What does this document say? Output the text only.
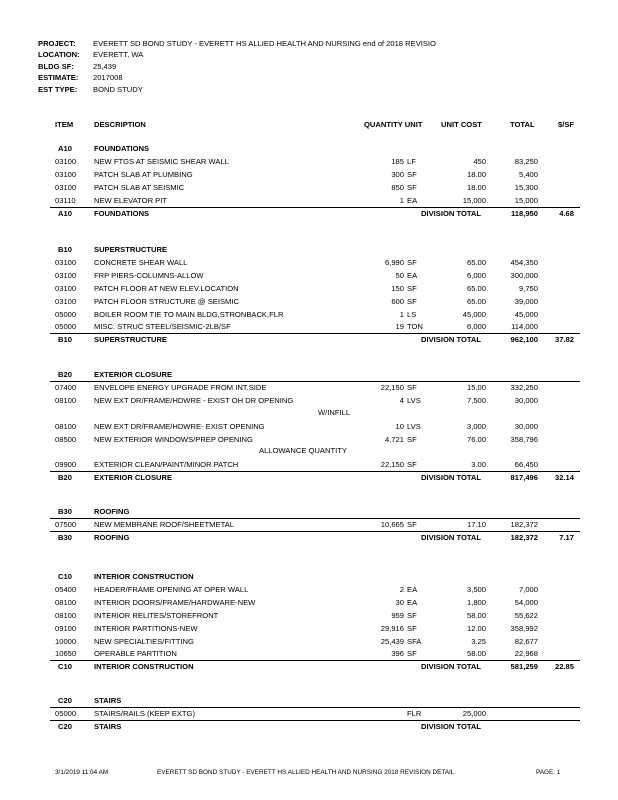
PROJECT: EVERETT SD BOND STUDY - EVERETT HS ALLIED HEALTH AND NURSING end of 2018 REVISIO
LOCATION: EVERETT, WA
BLDG SF:	25,439
ESTIMATE: 2017008
EST TYPE: BOND STUDY
ITEM	DESCRIPTION	QUANTITY UNIT UNIT COST	TOTAL	$/SF
A10	FOUNDATIONS
03100	NEW FTGS AT SEISMIC SHEAR WALL	185 LF	450	83,250
03100	PATCH SLAB AT PLUMBING	300 SF	18.00	5,400
03100	PATCH SLAB AT SEISMIC	850 SF	18.00	15,300
03110	NEW ELEVATOR PIT	1 EA	15,000	15,000
A10	FOUNDATIONS	DIVISION TOTAL	118,950	4.68
B10	SUPERSTRUCTURE
03100	CONCRETE SHEAR WALL	6,990 SF	65.00	454,350
03100	FRP PIERS-COLUMNS-ALLOW	50 EA	6,000	300,000
03100	PATCH FLOOR AT NEW ELEV.LOCATION	150 SF	65.00	9,750
03100	PATCH FLOOR STRUCTURE @ SEISMIC	600 SF	65.00	39,000
05000	BOILER ROOM TIE TO MAIN BLDG,STRONBACK,FLR	1 LS	45,000	45,000
05000	MISC. STRUC STEEL/SEISMIC-2LB/SF	19 TON	6,000	114,000
B10	SUPERSTRUCTURE	DIVISION TOTAL	962,100	37.82
B20	EXTERIOR CLOSURE
07400	ENVELOPE ENERGY UPGRADE FROM INT.SIDE	22,150 SF	15.00	332,250
08100	NEW EXT DR/FRAME/HDWRE - EXIST OH DR OPENING	4 LVS	7,500	30,000
W/INFILL
08100	NEW EXT DR/FRAME/HDWRE- EXIST OPENING	10 LVS	3,000	30,000
08500	NEW EXTERIOR WINDOWS/PREP OPENING	4,721 SF	76.00	358,796
ALLOWANCE QUANTITY
09900	EXTERIOR CLEAN/PAINT/MINOR PATCH	22,150 SF	3.00	66,450
B20	EXTERIOR CLOSURE	DIVISION TOTAL	817,496	32.14
B30	ROOFING
07500	NEW MEMBRANE ROOF/SHEETMETAL	10,665 SF	17.10	182,372
B30	ROOFING	DIVISION TOTAL	182,372	7.17
C10	INTERIOR CONSTRUCTION
05400	HEADER/FRAME OPENING AT OPER WALL	2 EA	3,500	7,000
08100	INTERIOR DOORS/FRAME/HARDWARE-NEW	30 EA	1,800	54,000
08100	INTERIOR RELITES/STOREFRONT	959 SF	58.00	55,622
09100	INTERIOR PARTITIONS-NEW	29,916 SF	12.00	358,992
10000	NEW SPECIALTIES/FITTING	25,439 SFA	3.25	82,677
10650	OPERABLE PARTITION	396 SF	58.00	22,968
C10	INTERIOR CONSTRUCTION	DIVISION TOTAL	581,259	22.85
C20	STAIRS
05000	STAIRS/RAILS (KEEP EXTG)	FLR	25,000
C20	STAIRS	DIVISION TOTAL
3/1/2019 11:04 AM	EVERETT SD BOND STUDY - EVERETT HS ALLIED HEALTH AND NURSING 2018 REVISION DETAIL	PAGE: 1
